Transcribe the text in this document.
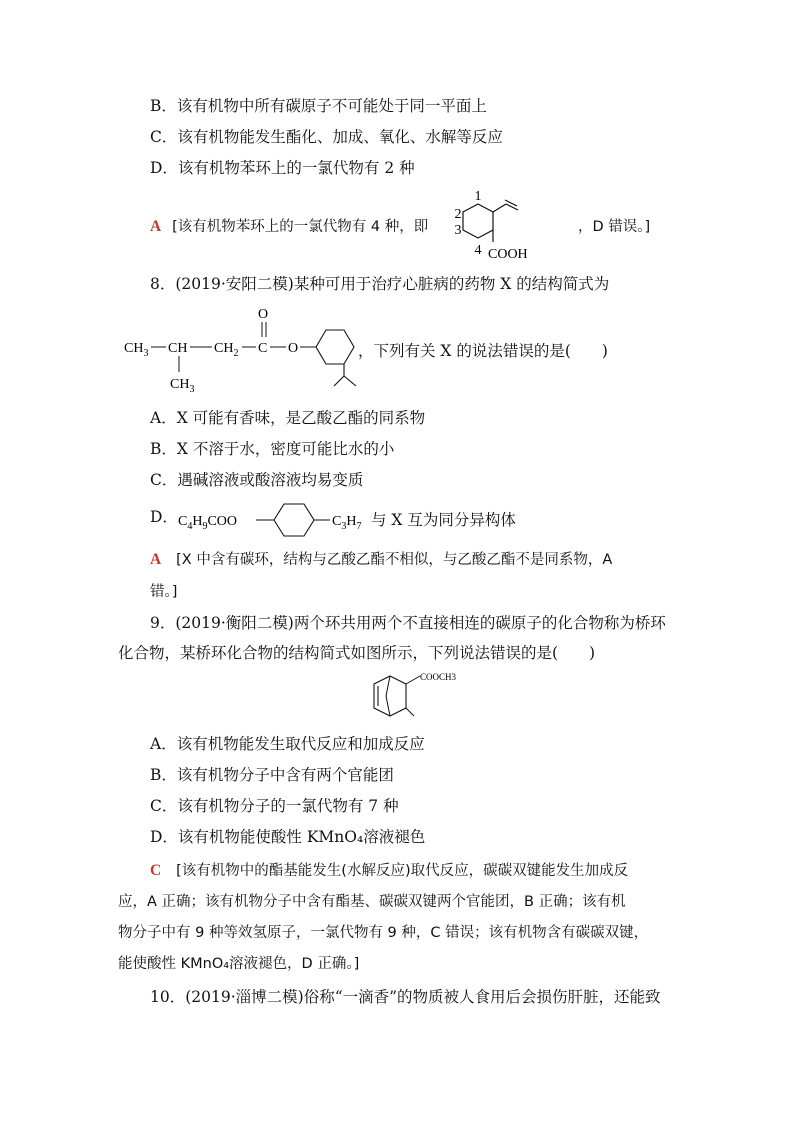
B．该有机物中所有碳原子不可能处于同一平面上
C．该有机物能发生酯化、加成、氧化、水解等反应
D．该有机物苯环上的一氯代物有 2 种
A [该有机物苯环上的一氯代物有 4 种，即
1
2
3
4 COOH
，D 错误。]
8．(2019·安阳二模)某种可用于治疗心脏病的药物 X 的结构简式为
$CH_3$ CH
$CH_3$
$CH_2$ C
O
O	，下列有关 X 的说法错误的是(　　)
A．X 可能有香味，是乙酸乙酯的同系物
B．X 不溶于水，密度可能比水的小
C．遇碱溶液或酸溶液均易变质
D． $C_4H_9COO$	$C_3H_7$ 与 X 互为同分异构体
A [X 中含有碳环，结构与乙酸乙酯不相似，与乙酸乙酯不是同系物，A
错。]
9．(2019·衡阳二模)两个环共用两个不直接相连的碳原子的化合物称为桥环
化合物，某桥环化合物的结构简式如图所示，下列说法错误的是(　　)
COOCH3
A．该有机物能发生取代反应和加成反应
B．该有机物分子中含有两个官能团
C．该有机物分子的一氯代物有 7 种
D．该有机物能使酸性 KMnO₄溶液褪色
C [该有机物中的酯基能发生(水解反应)取代反应，碳碳双键能发生加成反
应，A 正确；该有机物分子中含有酯基、碳碳双键两个官能团，B 正确；该有机
物分子中有 9 种等效氢原子，一氯代物有 9 种，C 错误；该有机物含有碳碳双键，
能使酸性 KMnO₄溶液褪色，D 正确。]
10．(2019·淄博二模)俗称“一滴香”的物质被人食用后会损伤肝脏，还能致
